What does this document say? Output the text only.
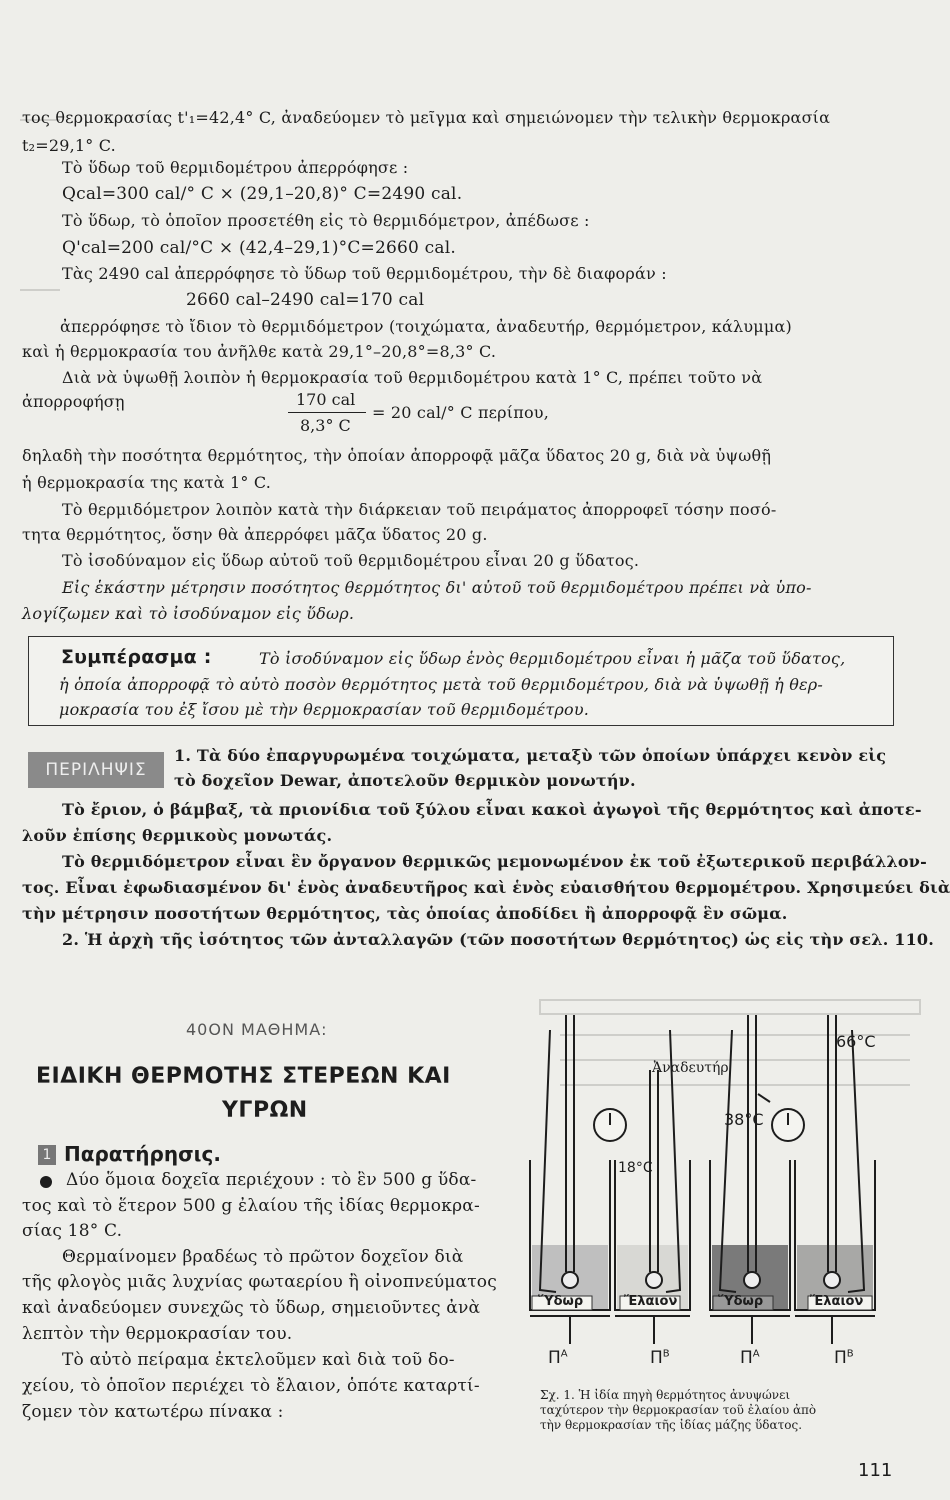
τος θερμοκρασίας t'₁=42,4° C, ἀναδεύομεν τὸ μεῖγμα καὶ σημειώνομεν τὴν τελικὴν θερμοκρασία
t₂=29,1° C.
Τὸ ὕδωρ τοῦ θερμιδομέτρου ἀπερρόφησε :
Qcal=300 cal/° C × (29,1–20,8)° C=2490 cal.
Τὸ ὕδωρ, τὸ ὁποῖον προσετέθη εἰς τὸ θερμιδόμετρον, ἀπέδωσε :
Q'cal=200 cal/°C × (42,4–29,1)°C=2660 cal.
Τὰς 2490 cal ἀπερρόφησε τὸ ὕδωρ τοῦ θερμιδομέτρου, τὴν δὲ διαφοράν :
2660 cal–2490 cal=170 cal
ἀπερρόφησε τὸ ἴδιον τὸ θερμιδόμετρον (τοιχώματα, ἀναδευτήρ, θερμόμετρον, κάλυμμα)
καὶ ἡ θερμοκρασία του ἀνῆλθε κατὰ 29,1°–20,8°=8,3° C.
Διὰ νὰ ὑψωθῇ λοιπὸν ἡ θερμοκρασία τοῦ θερμιδομέτρου κατὰ 1° C, πρέπει τοῦτο νὰ
ἀπορροφήσῃ	170 cal
8,3° C
= 20 cal/° C περίπου,
δηλαδὴ τὴν ποσότητα θερμότητος, τὴν ὁποίαν ἀπορροφᾷ μᾶζα ὕδατος 20 g, διὰ νὰ ὑψωθῇ
ἡ θερμοκρασία της κατὰ 1° C.
Τὸ θερμιδόμετρον λοιπὸν κατὰ τὴν διάρκειαν τοῦ πειράματος ἀπορροφεῖ τόσην ποσό-
τητα θερμότητος, ὅσην θὰ ἀπερρόφει μᾶζα ὕδατος 20 g.
Τὸ ἰσοδύναμον εἰς ὕδωρ αὐτοῦ τοῦ θερμιδομέτρου εἶναι 20 g ὕδατος.
Εἰς ἑκάστην μέτρησιν ποσότητος θερμότητος δι' αὐτοῦ τοῦ θερμιδομέτρου πρέπει νὰ ὑπο-
λογίζωμεν καὶ τὸ ἰσοδύναμον εἰς ὕδωρ.
Συμπέρασμα :	Τὸ ἰσοδύναμον εἰς ὕδωρ ἑνὸς θερμιδομέτρου εἶναι ἡ μᾶζα τοῦ ὕδατος,
ἡ ὁποία ἀπορροφᾷ τὸ αὐτὸ ποσὸν θερμότητος μετὰ τοῦ θερμιδομέτρου, διὰ νὰ ὑψωθῇ ἡ θερ-
μοκρασία του ἐξ ἴσου μὲ τὴν θερμοκρασίαν τοῦ θερμιδομέτρου.
ΠΕΡΙΛΗΨΙΣ
1. Τὰ δύο ἐπαργυρωμένα τοιχώματα, μεταξὺ τῶν ὁποίων ὑπάρχει κενὸν εἰς
τὸ δοχεῖον Dewar, ἀποτελοῦν θερμικὸν μονωτήν.
Τὸ ἔριον, ὁ βάμβαξ, τὰ πριονίδια τοῦ ξύλου εἶναι κακοὶ ἀγωγοὶ τῆς θερμότητος καὶ ἀποτε-
λοῦν ἐπίσης θερμικοὺς μονωτάς.
Τὸ θερμιδόμετρον εἶναι ἓν ὄργανον θερμικῶς μεμονωμένον ἐκ τοῦ ἐξωτερικοῦ περιβάλλον-
τος. Εἶναι ἐφωδιασμένον δι' ἑνὸς ἀναδευτῆρος καὶ ἑνὸς εὐαισθήτου θερμομέτρου. Χρησιμεύει διὰ
τὴν μέτρησιν ποσοτήτων θερμότητος, τὰς ὁποίας ἀποδίδει ἢ ἀπορροφᾷ ἓν σῶμα.
2. Ἡ ἀρχὴ τῆς ἰσότητος τῶν ἀνταλλαγῶν (τῶν ποσοτήτων θερμότητος) ὡς εἰς τὴν σελ. 110.
40ΟΝ ΜΑΘΗΜΑ:
ΕΙΔΙΚΗ ΘΕΡΜΟΤΗΣ ΣΤΕΡΕΩΝ ΚΑΙ
ΥΓΡΩΝ
1 Παρατήρησις.
Δύο ὅμοια δοχεῖα περιέχουν : τὸ ἓν 500 g ὕδα-
τος καὶ τὸ ἕτερον 500 g ἐλαίου τῆς ἰδίας θερμοκρα-
σίας 18° C.
Θερμαίνομεν βραδέως τὸ πρῶτον δοχεῖον διὰ
τῆς φλογὸς μιᾶς λυχνίας φωταερίου ἢ οἰνοπνεύματος
καὶ ἀναδεύομεν συνεχῶς τὸ ὕδωρ, σημειοῦντες ἀνὰ
λεπτὸν τὴν θερμοκρασίαν του.
Τὸ αὐτὸ πείραμα ἐκτελοῦμεν καὶ διὰ τοῦ δο-
χείου, τὸ ὁποῖον περιέχει τὸ ἔλαιον, ὁπότε καταρτί-
ζομεν τὸν κατωτέρω πίνακα :
66°C
Ἀναδευτήρ
38°C
18°C
Ὕδωρ	Ἔλαιον	Ὕδωρ	Ἔλαιον
$\Pi^A$	$\Pi^B$	$\Pi^A$	$\Pi^B$
Σχ. 1. Ἡ ἰδία πηγὴ θερμότητος ἀνυψώνει
ταχύτερον τὴν θερμοκρασίαν τοῦ ἐλαίου ἀπὸ
τὴν θερμοκρασίαν τῆς ἰδίας μάζης ὕδατος.
111
